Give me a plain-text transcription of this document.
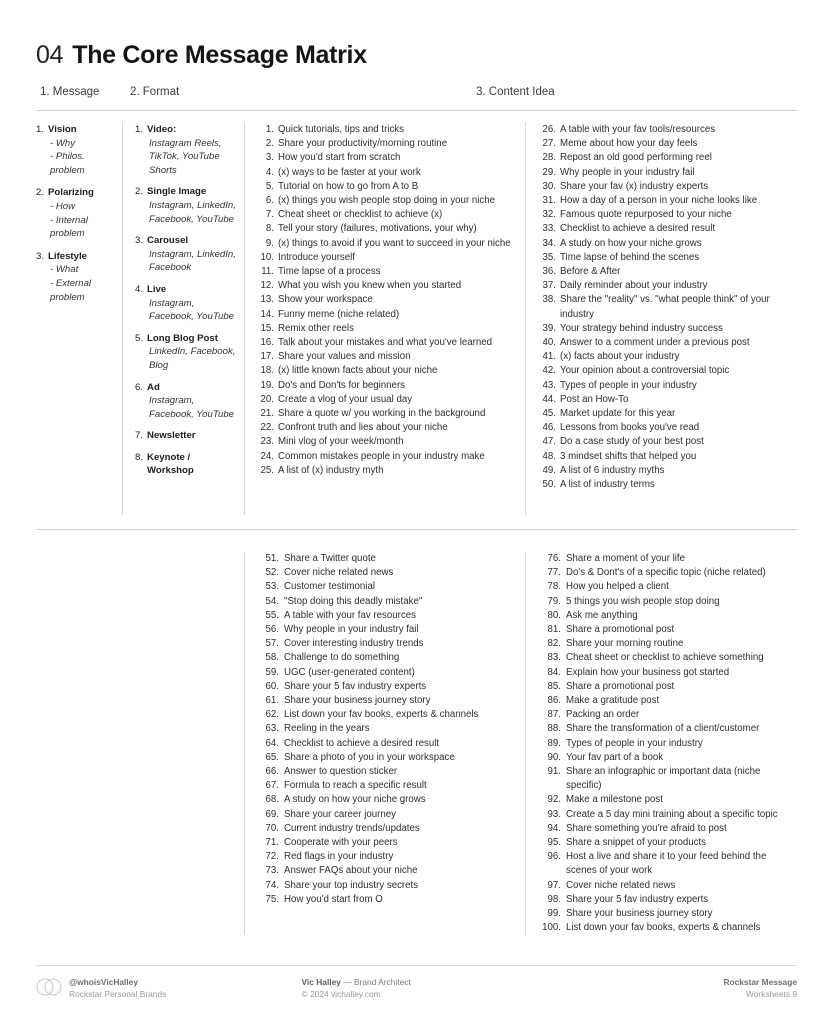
04 The Core Message Matrix
1. Message	2. Format	3. Content Idea
1. Vision
- Why
- Philos. problem
2. Polarizing
- How
- Internal problem
3. Lifestyle
- What
- External problem
1. Video:
Instagram Reels, TikTok, YouTube Shorts
2. Single Image
Instagram, LinkedIn, Facebook, YouTube
3. Carousel
Instagram, LinkedIn, Facebook
4. Live
Instagram, Facebook, YouTube
5. Long Blog Post
LinkedIn, Facebook, Blog
6. Ad
Instagram, Facebook, YouTube
7. Newsletter
8. Keynote / Workshop
1. Quick tutorials, tips and tricks
2. Share your productivity/morning routine
3. How you'd start from scratch
4. (x) ways to be faster at your work
5. Tutorial on how to go from A to B
6. (x) things you wish people stop doing in your niche
7. Cheat sheet or checklist to achieve (x)
8. Tell your story (failures, motivations, your why)
9. (x) things to avoid if you want to succeed in your niche
10. Introduce yourself
11. Time lapse of a process
12. What you wish you knew when you started
13. Show your workspace
14. Funny meme (niche related)
15. Remix other reels
16. Talk about your mistakes and what you've learned
17. Share your values and mission
18. (x) little known facts about your niche
19. Do's and Don'ts for beginners
20. Create a vlog of your usual day
21. Share a quote w/ you working in the background
22. Confront truth and lies about your niche
23. Mini vlog of your week/month
24. Common mistakes people in your industry make
25. A list of (x) industry myth
26. A table with your fav tools/resources
27. Meme about how your day feels
28. Repost an old good performing reel
29. Why people in your industry fail
30. Share your fav (x) industry experts
31. How a day of a person in your niche looks like
32. Famous quote repurposed to your niche
33. Checklist to achieve a desired result
34. A study on how your niche grows
35. Time lapse of behind the scenes
36. Before & After
37. Daily reminder about your industry
38. Share the "reality" vs. "what people think" of your industry
39. Your strategy behind industry success
40. Answer to a comment under a previous post
41. (x) facts about your industry
42. Your opinion about a controversial topic
43. Types of people in your industry
44. Post an How-To
45. Market update for this year
46. Lessons from books you've read
47. Do a case study of your best post
48. 3 mindset shifts that helped you
49. A list of 6 industry myths
50. A list of industry terms
51. Share a Twitter quote
52. Cover niche related news
53. Customer testimonial
54. "Stop doing this deadly mistake"
55. A table with your fav resources
56. Why people in your industry fail
57. Cover interesting industry trends
58. Challenge to do something
59. UGC (user-generated content)
60. Share your 5 fav industry experts
61. Share your business journey story
62. List down your fav books, experts & channels
63. Reeling in the years
64. Checklist to achieve a desired result
65. Share a photo of you in your workspace
66. Answer to question sticker
67. Formula to reach a specific result
68. A study on how your niche grows
69. Share your career journey
70. Current industry trends/updates
71. Cooperate with your peers
72. Red flags in your industry
73. Answer FAQs about your niche
74. Share your top industry secrets
75. How you'd start from O
76. Share a moment of your life
77. Do's & Dont's of a specific topic (niche related)
78. How you helped a client
79. 5 things you wish people stop doing
80. Ask me anything
81. Share a promotional post
82. Share your morning routine
83. Cheat sheet or checklist to achieve something
84. Explain how your business got started
85. Share a promotional post
86. Make a gratitude post
87. Packing an order
88. Share the transformation of a client/customer
89. Types of people in your industry
90. Your fav part of a book
91. Share an infographic or important data (niche specific)
92. Make a milestone post
93. Create a 5 day mini training about a specific topic
94. Share something you're afraid to post
95. Share a snippet of your products
96. Host a live and share it to your feed behind the scenes of your work
97. Cover niche related news
98. Share your 5 fav industry experts
99. Share your business journey story
100. List down your fav books, experts & channels
@whoisVicHalley
Rockstar Personal Brands
Vic Halley — Brand Architect
© 2024 vichalley.com
Rockstar Message
Worksheets 9
